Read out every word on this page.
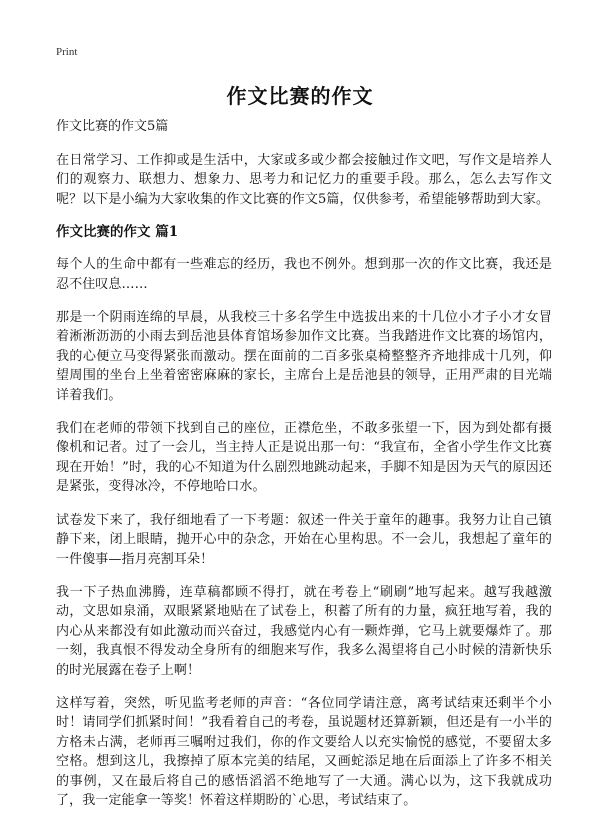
Print
作文比赛的作文

作文比赛的作文5篇

在日常学习、工作抑或是生活中，大家或多或少都会接触过作文吧，写作文是培养人们的观察力、联想力、想象力、思考力和记忆力的重要手段。那么，怎么去写作文呢？以下是小编为大家收集的作文比赛的作文5篇，仅供参考，希望能够帮助到大家。

作文比赛的作文 篇1

每个人的生命中都有一些难忘的经历，我也不例外。想到那一次的作文比赛，我还是忍不住叹息……

那是一个阴雨连绵的早晨，从我校三十多名学生中选拔出来的十几位小才子小才女冒着淅淅沥沥的小雨去到岳池县体育馆场参加作文比赛。当我踏进作文比赛的场馆内，我的心便立马变得紧张而激动。摆在面前的二百多张桌椅整整齐齐地排成十几列，仰望周围的坐台上坐着密密麻麻的家长，主席台上是岳池县的领导，正用严肃的目光端详着我们。

我们在老师的带领下找到自己的座位，正襟危坐，不敢多张望一下，因为到处都有摄像机和记者。过了一会儿，当主持人正是说出那一句：“我宣布，全省小学生作文比赛现在开始！”时，我的心不知道为什么剧烈地跳动起来，手脚不知是因为天气的原因还是紧张，变得冰冷，不停地哈口水。

试卷发下来了，我仔细地看了一下考题：叙述一件关于童年的趣事。我努力让自己镇静下来，闭上眼睛，抛开心中的杂念，开始在心里构思。不一会儿，我想起了童年的一件傻事—指月亮割耳朵！

我一下子热血沸腾，连草稿都顾不得打，就在考卷上“刷刷”地写起来。越写我越激动，文思如泉涌，双眼紧紧地贴在了试卷上，积蓄了所有的力量，疯狂地写着，我的内心从来都没有如此激动而兴奋过，我感觉内心有一颗炸弹，它马上就要爆炸了。那一刻，我真恨不得发动全身所有的细胞来写作，我多么渴望将自己小时候的清新快乐的时光展露在卷子上啊！

这样写着，突然，听见监考老师的声音：“各位同学请注意，离考试结束还剩半个小时！请同学们抓紧时间！”我看着自己的考卷，虽说题材还算新颖，但还是有一小半的方格未占满，老师再三嘱咐过我们，你的作文要给人以充实愉悦的感觉，不要留太多空格。想到这儿，我擦掉了原本完美的结尾，又画蛇添足地在后面添上了许多不相关的事例，又在最后将自己的感悟滔滔不绝地写了一大通。满心以为，这下我就成功了，我一定能拿一等奖！怀着这样期盼的`心思，考试结束了。
